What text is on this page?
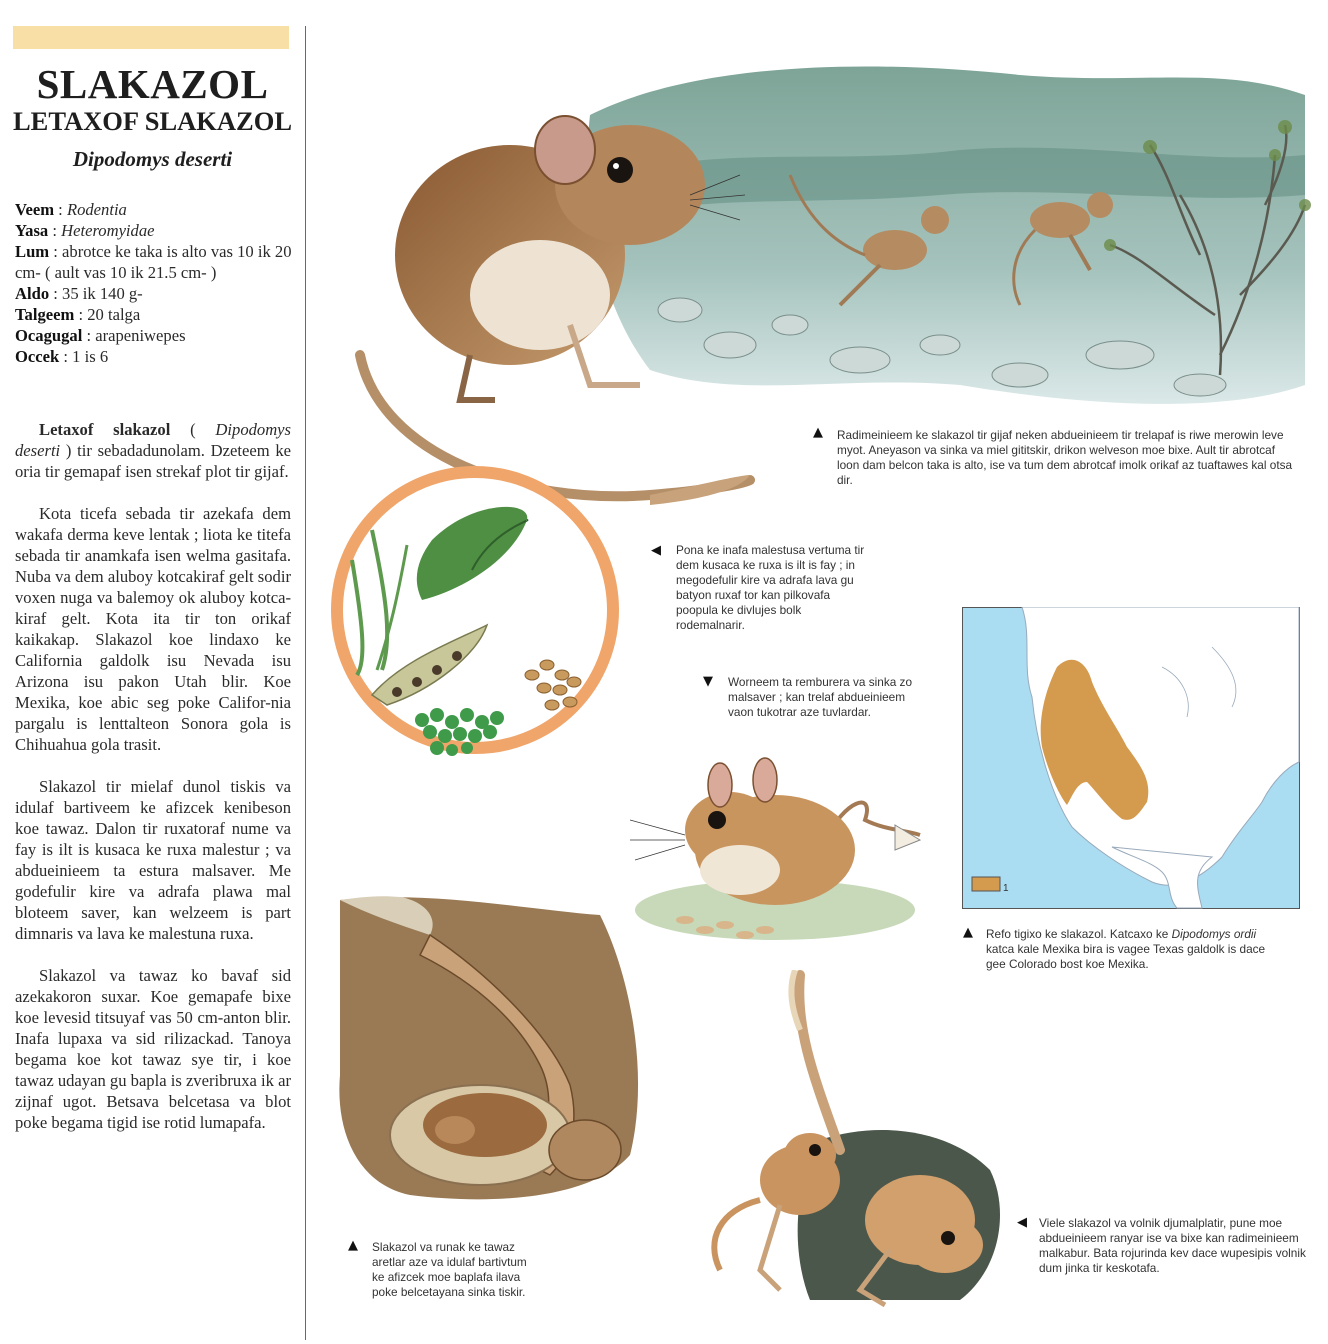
SLAKAZOL
LETAXOF SLAKAZOL
Dipodomys deserti
Veem : Rodentia
Yasa : Heteromyidae
Lum : abrotce ke taka is alto vas 10 ik 20 cm- ( ault vas 10 ik 21.5 cm- )
Aldo : 35 ik 140 g-
Talgeem : 20 talga
Ocagugal : arapeniwepes
Occek : 1 is 6

Letaxof slakazol ( Dipodomys deserti ) tir sebadadunolam. Dzeteem ke oria tir gemapaf isen strekaf plot tir gijaf.

Kota ticefa sebada tir azekafa dem wakafa derma keve lentak ; liota ke titefa sebada tir anamkafa isen welma gasitafa. Nuba va dem aluboy kotcakiraf gelt sodir voxen nuga va balemoy ok aluboy kotca-kiraf gelt. Kota ita tir ton orikaf kaikakap. Slakazol koe lindaxo ke California galdolk isu Nevada isu Arizona isu pakon Utah blir. Koe Mexika, koe abic seg poke Califor-nia pargalu is lenttalteon Sonora gola is Chihuahua gola trasit.

Slakazol tir mielaf dunol tiskis va idulaf bartiveem ke afizcek kenibeson koe tawaz. Dalon tir ruxatoraf nume va fay is ilt is kusaca ke ruxa malestur ; va abdueinieem ta estura malsaver. Me godefulir kire va adrafa plawa mal bloteem saver, kan welzeem is part dimnaris va lava ke malestuna ruxa.

Slakazol va tawaz ko bavaf sid azekakoron suxar. Koe gemapafe bixe koe levesid titsuyaf vas 50 cm-anton blir. Inafa lupaxa va sid rilizackad. Tanoya begama koe kot tawaz sye tir, i koe tawaz udayan gu bapla is zveribruxa ik ar zijnaf ugot. Betsava belcetasa va blot poke begama tigid ise rotid lumapafa.

1
▲ Radimeinieem ke slakazol tir gijaf neken abdueinieem tir trelapaf is riwe merowin leve myot. Aneyason va sinka va miel gititskir, drikon welveson moe bixe. Ault tir abrotcaf loon dam belcon taka is alto, ise va tum dem abrotcaf imolk orikaf az tuaftawes kal otsa dir.
◀ Pona ke inafa malestusa vertuma tir dem kusaca ke ruxa is ilt is fay ; in megodefulir kire va adrafa lava gu batyon ruxaf tor kan pilkovafa poopula ke divlujes bolk rodemalnarir.
▼ Worneem ta remburera va sinka zo malsaver ; kan trelaf abdueinieem vaon tukotrar aze tuvlardar.
▲ Refo tigixo ke slakazol. Katcaxo ke Dipodomys ordii katca kale Mexika bira is vagee Texas galdolk is dace gee Colorado bost koe Mexika.
▲ Slakazol va runak ke tawaz aretlar aze va idulaf bartivtum ke afizcek moe baplafa ilava poke belcetayana sinka tiskir.
◀ Viele slakazol va volnik djumalplatir, pune moe abdueinieem ranyar ise va bixe kan radimeinieem malkabur. Bata rojurinda kev dace wupesipis volnik dum jinka tir keskotafa.
